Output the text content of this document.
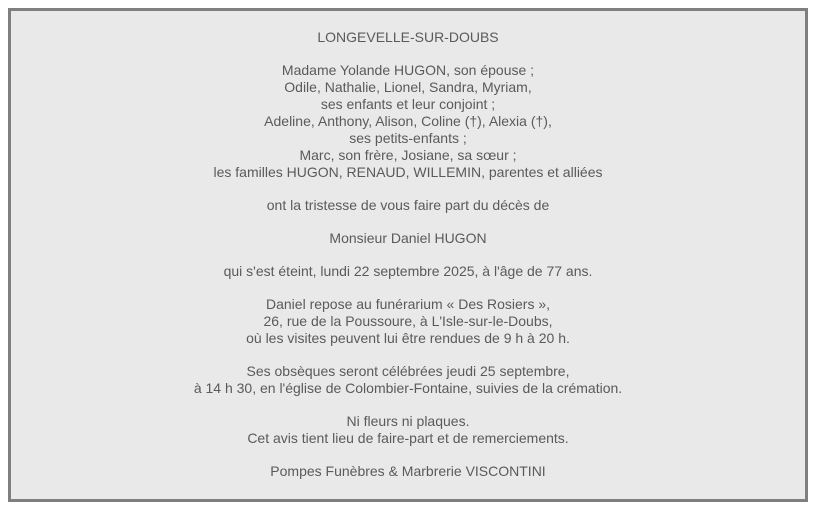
LONGEVELLE-SUR-DOUBS

Madame Yolande HUGON, son épouse ;
Odile, Nathalie, Lionel, Sandra, Myriam,
ses enfants et leur conjoint ;
Adeline, Anthony, Alison, Coline (†), Alexia (†),
ses petits-enfants ;
Marc, son frère, Josiane, sa sœur ;
les familles HUGON, RENAUD, WILLEMIN, parentes et alliées

ont la tristesse de vous faire part du décès de

Monsieur Daniel HUGON

qui s'est éteint, lundi 22 septembre 2025, à l'âge de 77 ans.

Daniel repose au funérarium « Des Rosiers »,
26, rue de la Poussoure, à L'Isle-sur-le-Doubs,
où les visites peuvent lui être rendues de 9 h à 20 h.

Ses obsèques seront célébrées jeudi 25 septembre,
à 14 h 30, en l'église de Colombier-Fontaine, suivies de la crémation.

Ni fleurs ni plaques.
Cet avis tient lieu de faire-part et de remerciements.

Pompes Funèbres & Marbrerie VISCONTINI
